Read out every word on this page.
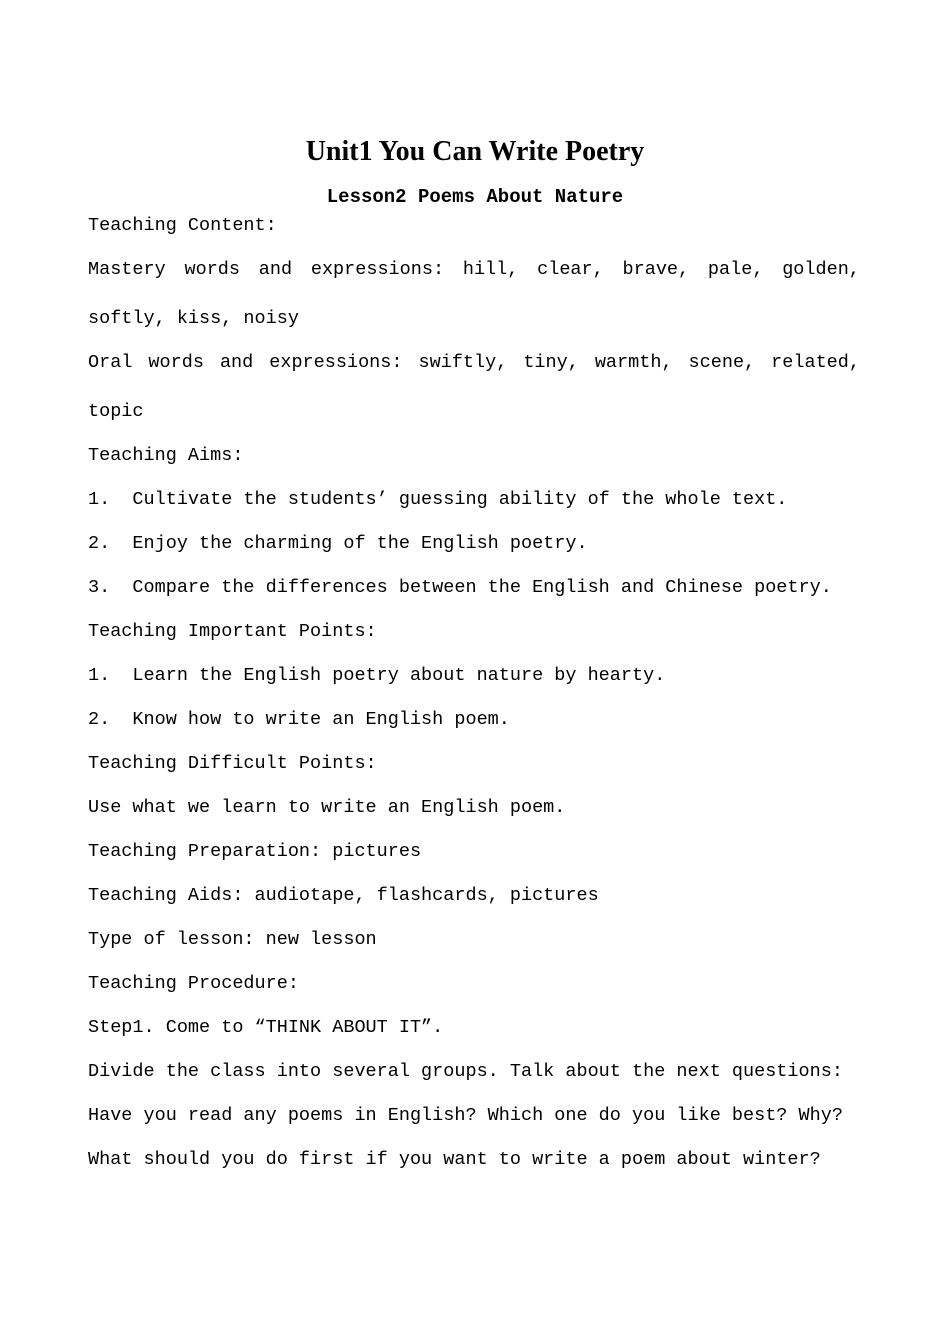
Unit1 You Can Write Poetry
Lesson2 Poems About Nature

Teaching Content:

Mastery words and expressions: hill, clear, brave, pale, golden,

softly, kiss, noisy

Oral words and expressions: swiftly, tiny, warmth, scene, related,

topic

Teaching Aims:

1.  Cultivate the students’ guessing ability of the whole text.

2.  Enjoy the charming of the English poetry.

3.  Compare the differences between the English and Chinese poetry.

Teaching Important Points:

1.  Learn the English poetry about nature by hearty.

2.  Know how to write an English poem.

Teaching Difficult Points:

Use what we learn to write an English poem.

Teaching Preparation: pictures

Teaching Aids: audiotape, flashcards, pictures

Type of lesson: new lesson

Teaching Procedure:

Step1. Come to “THINK ABOUT IT”.

Divide the class into several groups. Talk about the next questions:

Have you read any poems in English? Which one do you like best? Why?

What should you do first if you want to write a poem about winter?
